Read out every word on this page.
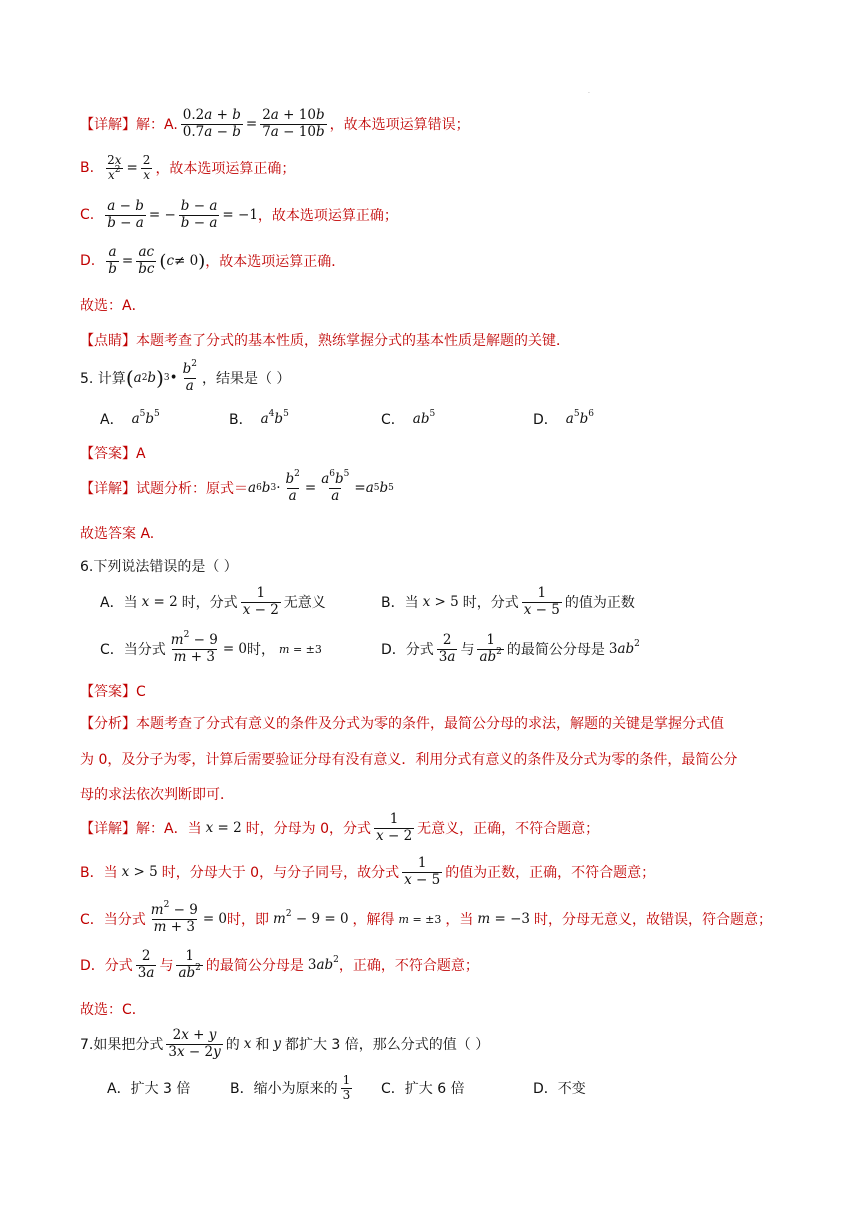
.
【详解】解：A. $\frac{0.2a + b}{0.7a - b} = \frac{2a + 10b}{7a - 10b}$ ，故本选项运算错误；
B. $\frac{2x}{x^2} = \frac{2}{x}$ ，故本选项运算正确；
C. $\frac{a - b}{b - a}$ = − $\frac{b - a}{b - a} = -1$ ，故本选项运算正确；
D. $\frac{a}{b} = \frac{ac}{bc}$ ( c ≠ 0 ) ，故本选项运算正确．
故选：A．
【点睛】本题考查了分式的基本性质，熟练掌握分式的基本性质是解题的关键．
5. 计算 ( a 2 b ) 3 • $\frac{b^2}{a}$ ，结果是（ ）
A． $a^5b^5$	B． $a^4b^5$	C． $ab^5$	D． $a^5b^6$
【答案】A
【详解】试题分析：原式＝ a 6 b $3 \cdot \frac{b^2}{a} = \frac{a^6b^5}{a} = a$ 5 b 5
故选答案 A.
6.下列说法错误的是（ ）
A．当 x = 2 时，分式 $\frac{1}{x - 2}$ 无意义	B．当 x > 5 时，分式 $\frac{1}{x - 5}$ 的值为正数
C．当分式 $\frac{m^2 - 9}{m + 3} = 0$ 时， m = ±3	D．分式 $\frac{2}{3a}$ 与 $\frac{1}{ab^2}$ 的最简公分母是 $3ab^2$
【答案】C
【分析】本题考查了分式有意义的条件及分式为零的条件，最简公分母的求法，解题的关键是掌握分式值
为 0，及分子为零，计算后需要验证分母有没有意义．利用分式有意义的条件及分式为零的条件，最简公分
母的求法依次判断即可．
【详解】解：A．当 x = 2 时，分母为 0，分式 $\frac{1}{x - 2}$ 无意义，正确，不符合题意；
B．当 x > 5 时，分母大于 0，与分子同号，故分式 $\frac{1}{x - 5}$ 的值为正数，正确，不符合题意；
C．当分式 $\frac{m^2 - 9}{m + 3} = 0$ 时，即 $m^2 - 9 = 0$ ，解得 m = ±3 ，当 m = −3 时，分母无意义，故错误，符合题意；
D．分式 $\frac{2}{3a}$ 与 $\frac{1}{ab^2}$ 的最简公分母是 $3ab^2$ ，正确，不符合题意；
故选：C．
7.如果把分式 $\frac{2x + y}{3x - 2y}$ 的 x 和 y 都扩大 3 倍，那么分式的值（ ）
A．扩大 3 倍	B．缩小为原来的 $\frac{1}{3}$ C．扩大 6 倍	D．不变
